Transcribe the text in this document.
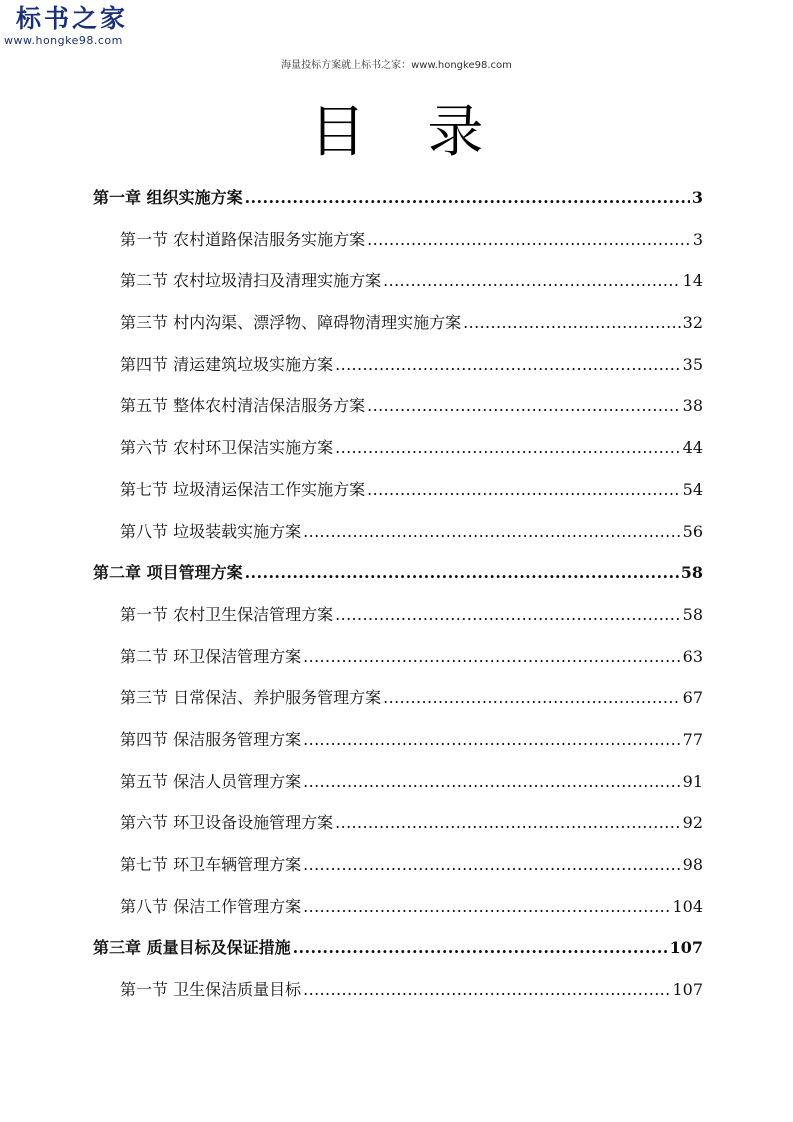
标书之家
www.hongke98.com
海量投标方案就上标书之家：www.hongke98.com
目 录
第一章 组织实施方案 .....	3
第一节 农村道路保洁服务实施方案 .....	3
第二节 农村垃圾清扫及清理实施方案 .....	14
第三节 村内沟渠、漂浮物、障碍物清理实施方案 .....	32
第四节 清运建筑垃圾实施方案 .....	35
第五节 整体农村清洁保洁服务方案 .....	38
第六节 农村环卫保洁实施方案 .....	44
第七节 垃圾清运保洁工作实施方案 .....	54
第八节 垃圾装载实施方案 .....	56
第二章 项目管理方案 .....	58
第一节 农村卫生保洁管理方案 .....	58
第二节 环卫保洁管理方案 .....	63
第三节 日常保洁、养护服务管理方案 .....	67
第四节 保洁服务管理方案 .....	77
第五节 保洁人员管理方案 .....	91
第六节 环卫设备设施管理方案 .....	92
第七节 环卫车辆管理方案 .....	98
第八节 保洁工作管理方案 .....	104
第三章 质量目标及保证措施 .....	107
第一节 卫生保洁质量目标 .....	107
